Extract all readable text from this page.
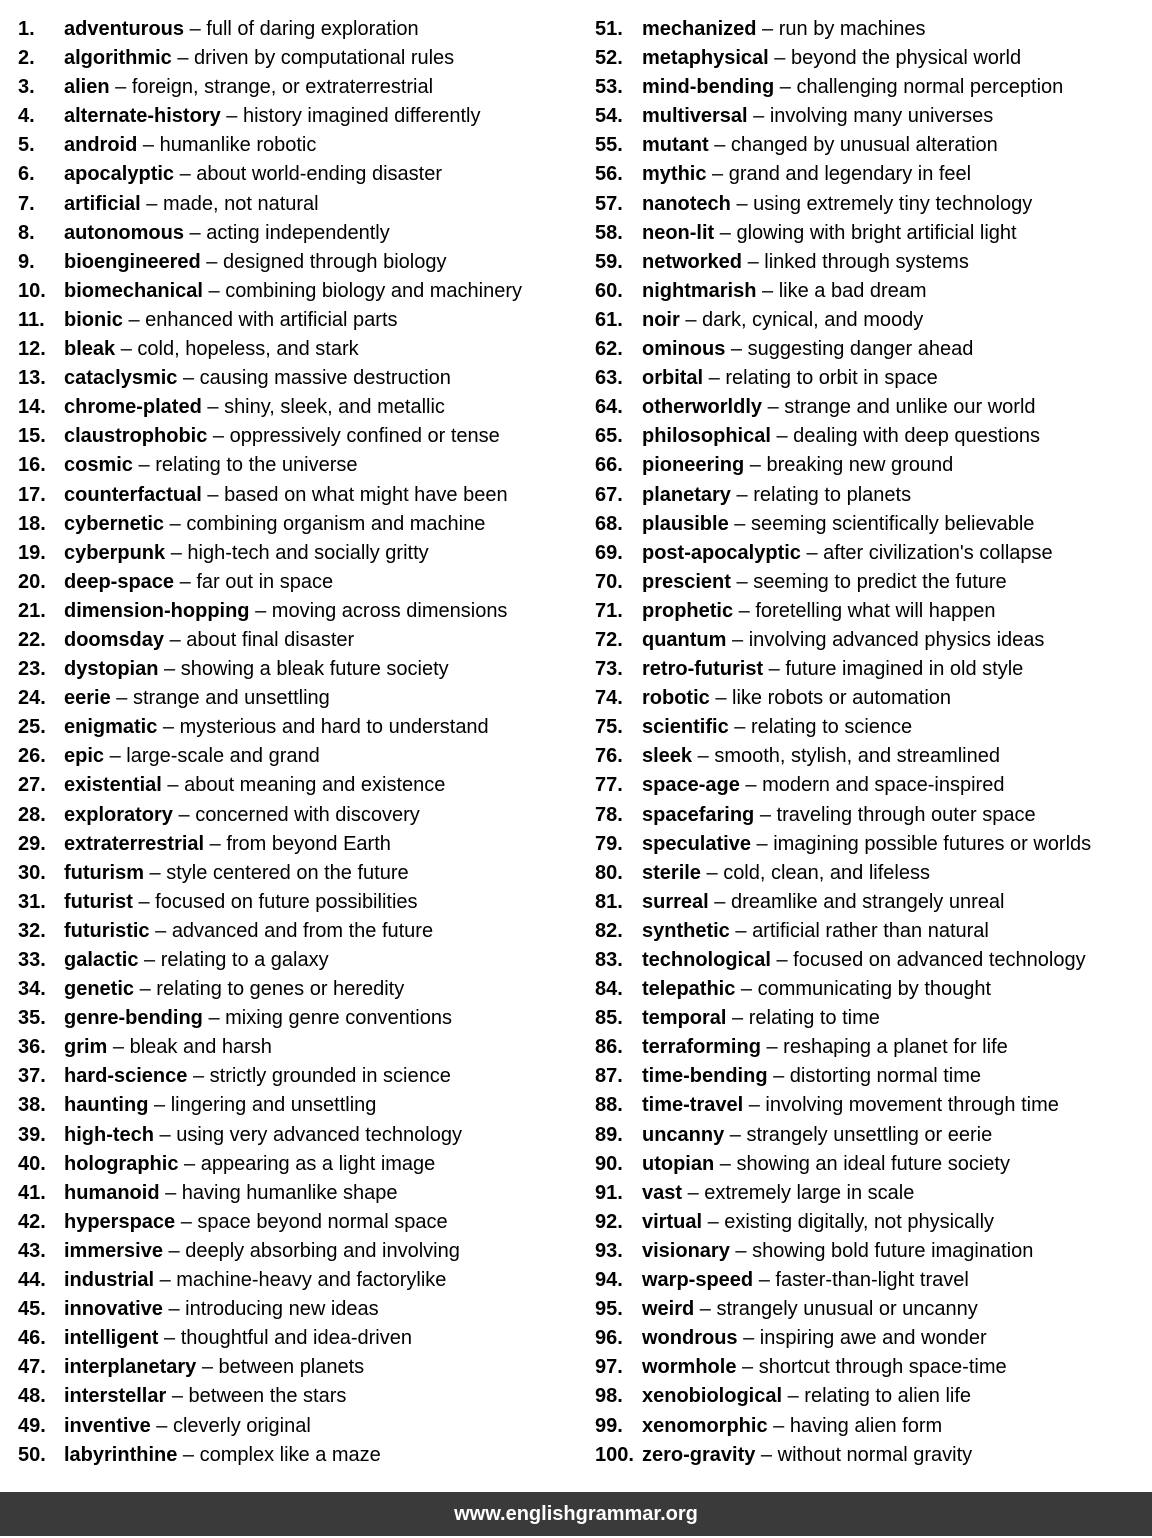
1. adventurous – full of daring exploration
2. algorithmic – driven by computational rules
3. alien – foreign, strange, or extraterrestrial
4. alternate-history – history imagined differently
5. android – humanlike robotic
6. apocalyptic – about world-ending disaster
7. artificial – made, not natural
8. autonomous – acting independently
9. bioengineered – designed through biology
10. biomechanical – combining biology and machinery
11. bionic – enhanced with artificial parts
12. bleak – cold, hopeless, and stark
13. cataclysmic – causing massive destruction
14. chrome-plated – shiny, sleek, and metallic
15. claustrophobic – oppressively confined or tense
16. cosmic – relating to the universe
17. counterfactual – based on what might have been
18. cybernetic – combining organism and machine
19. cyberpunk – high-tech and socially gritty
20. deep-space – far out in space
21. dimension-hopping – moving across dimensions
22. doomsday – about final disaster
23. dystopian – showing a bleak future society
24. eerie – strange and unsettling
25. enigmatic – mysterious and hard to understand
26. epic – large-scale and grand
27. existential – about meaning and existence
28. exploratory – concerned with discovery
29. extraterrestrial – from beyond Earth
30. futurism – style centered on the future
31. futurist – focused on future possibilities
32. futuristic – advanced and from the future
33. galactic – relating to a galaxy
34. genetic – relating to genes or heredity
35. genre-bending – mixing genre conventions
36. grim – bleak and harsh
37. hard-science – strictly grounded in science
38. haunting – lingering and unsettling
39. high-tech – using very advanced technology
40. holographic – appearing as a light image
41. humanoid – having humanlike shape
42. hyperspace – space beyond normal space
43. immersive – deeply absorbing and involving
44. industrial – machine-heavy and factorylike
45. innovative – introducing new ideas
46. intelligent – thoughtful and idea-driven
47. interplanetary – between planets
48. interstellar – between the stars
49. inventive – cleverly original
50. labyrinthine – complex like a maze
51. mechanized – run by machines
52. metaphysical – beyond the physical world
53. mind-bending – challenging normal perception
54. multiversal – involving many universes
55. mutant – changed by unusual alteration
56. mythic – grand and legendary in feel
57. nanotech – using extremely tiny technology
58. neon-lit – glowing with bright artificial light
59. networked – linked through systems
60. nightmarish – like a bad dream
61. noir – dark, cynical, and moody
62. ominous – suggesting danger ahead
63. orbital – relating to orbit in space
64. otherworldly – strange and unlike our world
65. philosophical – dealing with deep questions
66. pioneering – breaking new ground
67. planetary – relating to planets
68. plausible – seeming scientifically believable
69. post-apocalyptic – after civilization's collapse
70. prescient – seeming to predict the future
71. prophetic – foretelling what will happen
72. quantum – involving advanced physics ideas
73. retro-futurist – future imagined in old style
74. robotic – like robots or automation
75. scientific – relating to science
76. sleek – smooth, stylish, and streamlined
77. space-age – modern and space-inspired
78. spacefaring – traveling through outer space
79. speculative – imagining possible futures or worlds
80. sterile – cold, clean, and lifeless
81. surreal – dreamlike and strangely unreal
82. synthetic – artificial rather than natural
83. technological – focused on advanced technology
84. telepathic – communicating by thought
85. temporal – relating to time
86. terraforming – reshaping a planet for life
87. time-bending – distorting normal time
88. time-travel – involving movement through time
89. uncanny – strangely unsettling or eerie
90. utopian – showing an ideal future society
91. vast – extremely large in scale
92. virtual – existing digitally, not physically
93. visionary – showing bold future imagination
94. warp-speed – faster-than-light travel
95. weird – strangely unusual or uncanny
96. wondrous – inspiring awe and wonder
97. wormhole – shortcut through space-time
98. xenobiological – relating to alien life
99. xenomorphic – having alien form
100. zero-gravity – without normal gravity
www.englishgrammar.org
